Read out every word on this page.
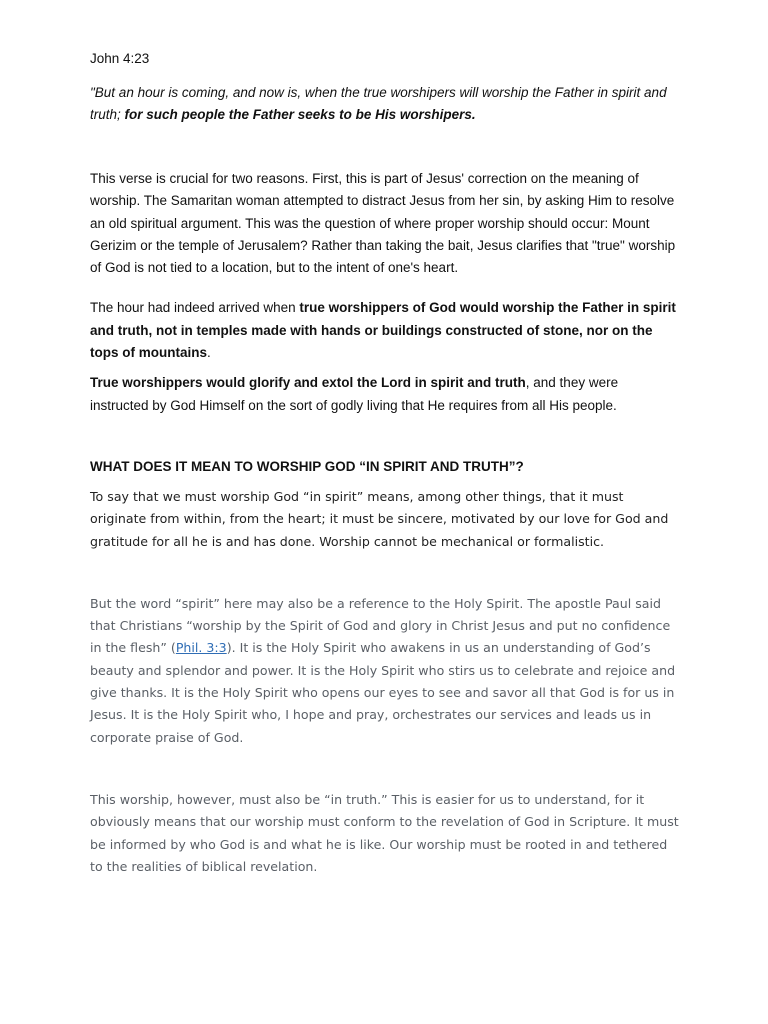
John 4:23

"But an hour is coming, and now is, when the true worshipers will worship the Father in spirit and truth; for such people the Father seeks to be His worshipers.

This verse is crucial for two reasons. First, this is part of Jesus' correction on the meaning of worship. The Samaritan woman attempted to distract Jesus from her sin, by asking Him to resolve an old spiritual argument. This was the question of where proper worship should occur: Mount Gerizim or the temple of Jerusalem? Rather than taking the bait, Jesus clarifies that "true" worship of God is not tied to a location, but to the intent of one's heart.

The hour had indeed arrived when true worshippers of God would worship the Father in spirit and truth, not in temples made with hands or buildings constructed of stone, nor on the tops of mountains.

True worshippers would glorify and extol the Lord in spirit and truth, and they were instructed by God Himself on the sort of godly living that He requires from all His people.

WHAT DOES IT MEAN TO WORSHIP GOD “IN SPIRIT AND TRUTH”?

To say that we must worship God “in spirit” means, among other things, that it must originate from within, from the heart; it must be sincere, motivated by our love for God and gratitude for all he is and has done. Worship cannot be mechanical or formalistic.

But the word “spirit” here may also be a reference to the Holy Spirit. The apostle Paul said that Christians “worship by the Spirit of God and glory in Christ Jesus and put no confidence in the flesh” (Phil. 3:3). It is the Holy Spirit who awakens in us an understanding of God’s beauty and splendor and power. It is the Holy Spirit who stirs us to celebrate and rejoice and give thanks. It is the Holy Spirit who opens our eyes to see and savor all that God is for us in Jesus. It is the Holy Spirit who, I hope and pray, orchestrates our services and leads us in corporate praise of God.

This worship, however, must also be “in truth.” This is easier for us to understand, for it obviously means that our worship must conform to the revelation of God in Scripture. It must be informed by who God is and what he is like. Our worship must be rooted in and tethered to the realities of biblical revelation.
